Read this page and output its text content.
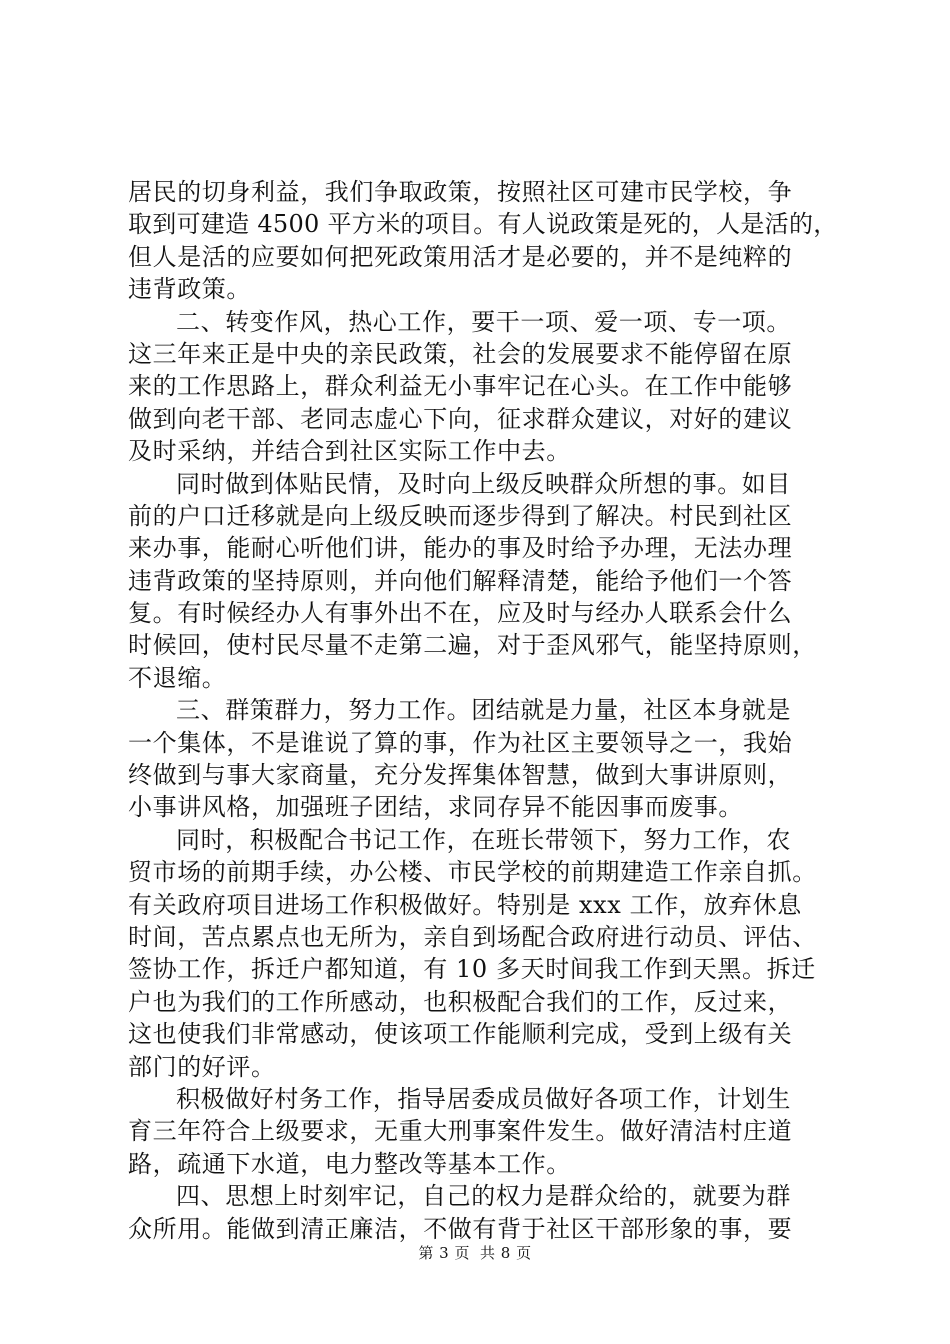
居民的切身利益，我们争取政策，按照社区可建市民学校，争
取到可建造 4500 平方米的项目。有人说政策是死的，人是活的，
但人是活的应要如何把死政策用活才是必要的，并不是纯粹的
违背政策。
二、转变作风，热心工作，要干一项、爱一项、专一项。
这三年来正是中央的亲民政策，社会的发展要求不能停留在原
来的工作思路上，群众利益无小事牢记在心头。在工作中能够
做到向老干部、老同志虚心下向，征求群众建议，对好的建议
及时采纳，并结合到社区实际工作中去。
同时做到体贴民情，及时向上级反映群众所想的事。如目
前的户口迁移就是向上级反映而逐步得到了解决。村民到社区
来办事，能耐心听他们讲，能办的事及时给予办理，无法办理
违背政策的坚持原则，并向他们解释清楚，能给予他们一个答
复。有时候经办人有事外出不在，应及时与经办人联系会什么
时候回，使村民尽量不走第二遍，对于歪风邪气，能坚持原则，
不退缩。
三、群策群力，努力工作。团结就是力量，社区本身就是
一个集体，不是谁说了算的事，作为社区主要领导之一，我始
终做到与事大家商量，充分发挥集体智慧，做到大事讲原则，
小事讲风格，加强班子团结，求同存异不能因事而废事。
同时，积极配合书记工作，在班长带领下，努力工作，农
贸市场的前期手续，办公楼、市民学校的前期建造工作亲自抓。
有关政府项目进场工作积极做好。特别是 xxx 工作，放弃休息
时间，苦点累点也无所为，亲自到场配合政府进行动员、评估、
签协工作，拆迁户都知道，有 10 多天时间我工作到天黑。拆迁
户也为我们的工作所感动，也积极配合我们的工作，反过来，
这也使我们非常感动，使该项工作能顺利完成，受到上级有关
部门的好评。
积极做好村务工作，指导居委成员做好各项工作，计划生
育三年符合上级要求，无重大刑事案件发生。做好清洁村庄道
路，疏通下水道，电力整改等基本工作。
四、思想上时刻牢记，自己的权力是群众给的，就要为群
众所用。能做到清正廉洁，不做有背于社区干部形象的事，要
第 3 页 共 8 页
